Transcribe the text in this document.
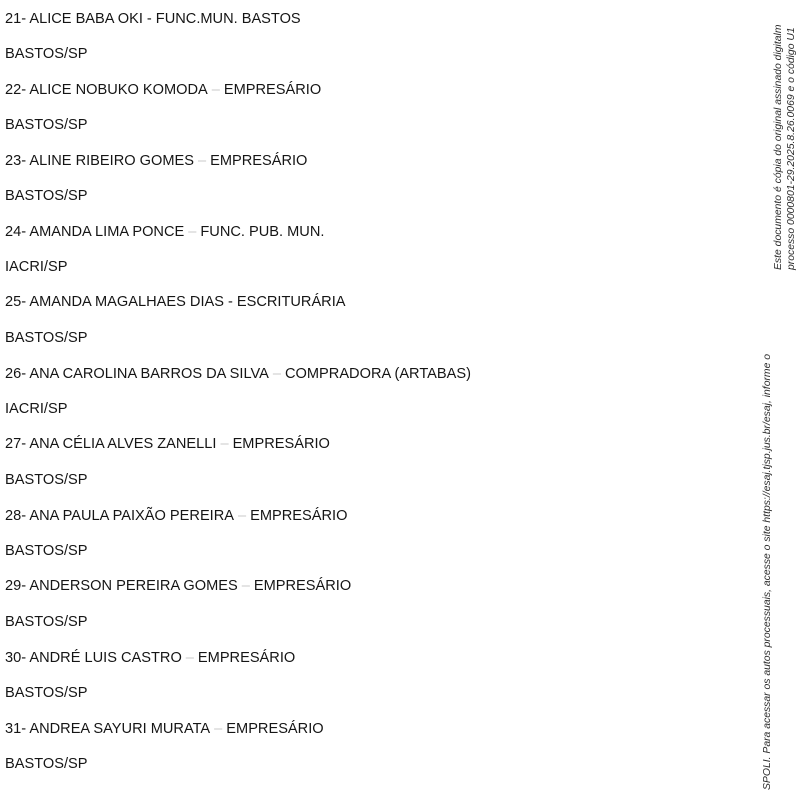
21- ALICE BABA OKI - FUNC.MUN. BASTOS
BASTOS/SP
22- ALICE NOBUKO KOMODA – EMPRESÁRIO
BASTOS/SP
23- ALINE RIBEIRO GOMES – EMPRESÁRIO
BASTOS/SP
24- AMANDA LIMA PONCE – FUNC. PUB. MUN.
IACRI/SP
25- AMANDA MAGALHAES DIAS - ESCRITURÁRIA
BASTOS/SP
26- ANA CAROLINA BARROS DA SILVA – COMPRADORA (ARTABAS)
IACRI/SP
27- ANA CÉLIA ALVES ZANELLI – EMPRESÁRIO
BASTOS/SP
28- ANA PAULA PAIXÃO PEREIRA – EMPRESÁRIO
BASTOS/SP
29- ANDERSON PEREIRA GOMES – EMPRESÁRIO
BASTOS/SP
30- ANDRÉ LUIS CASTRO – EMPRESÁRIO
BASTOS/SP
31- ANDREA SAYURI MURATA – EMPRESÁRIO
BASTOS/SP
Este documento é cópia do original assinado digitalm processo 0000801-29.2025.8.26.0069 e o código U1
SPOLI. Para acessar os autos processuais, acesse o site https://esaj.tjsp.jus.br/esaj, informe o
